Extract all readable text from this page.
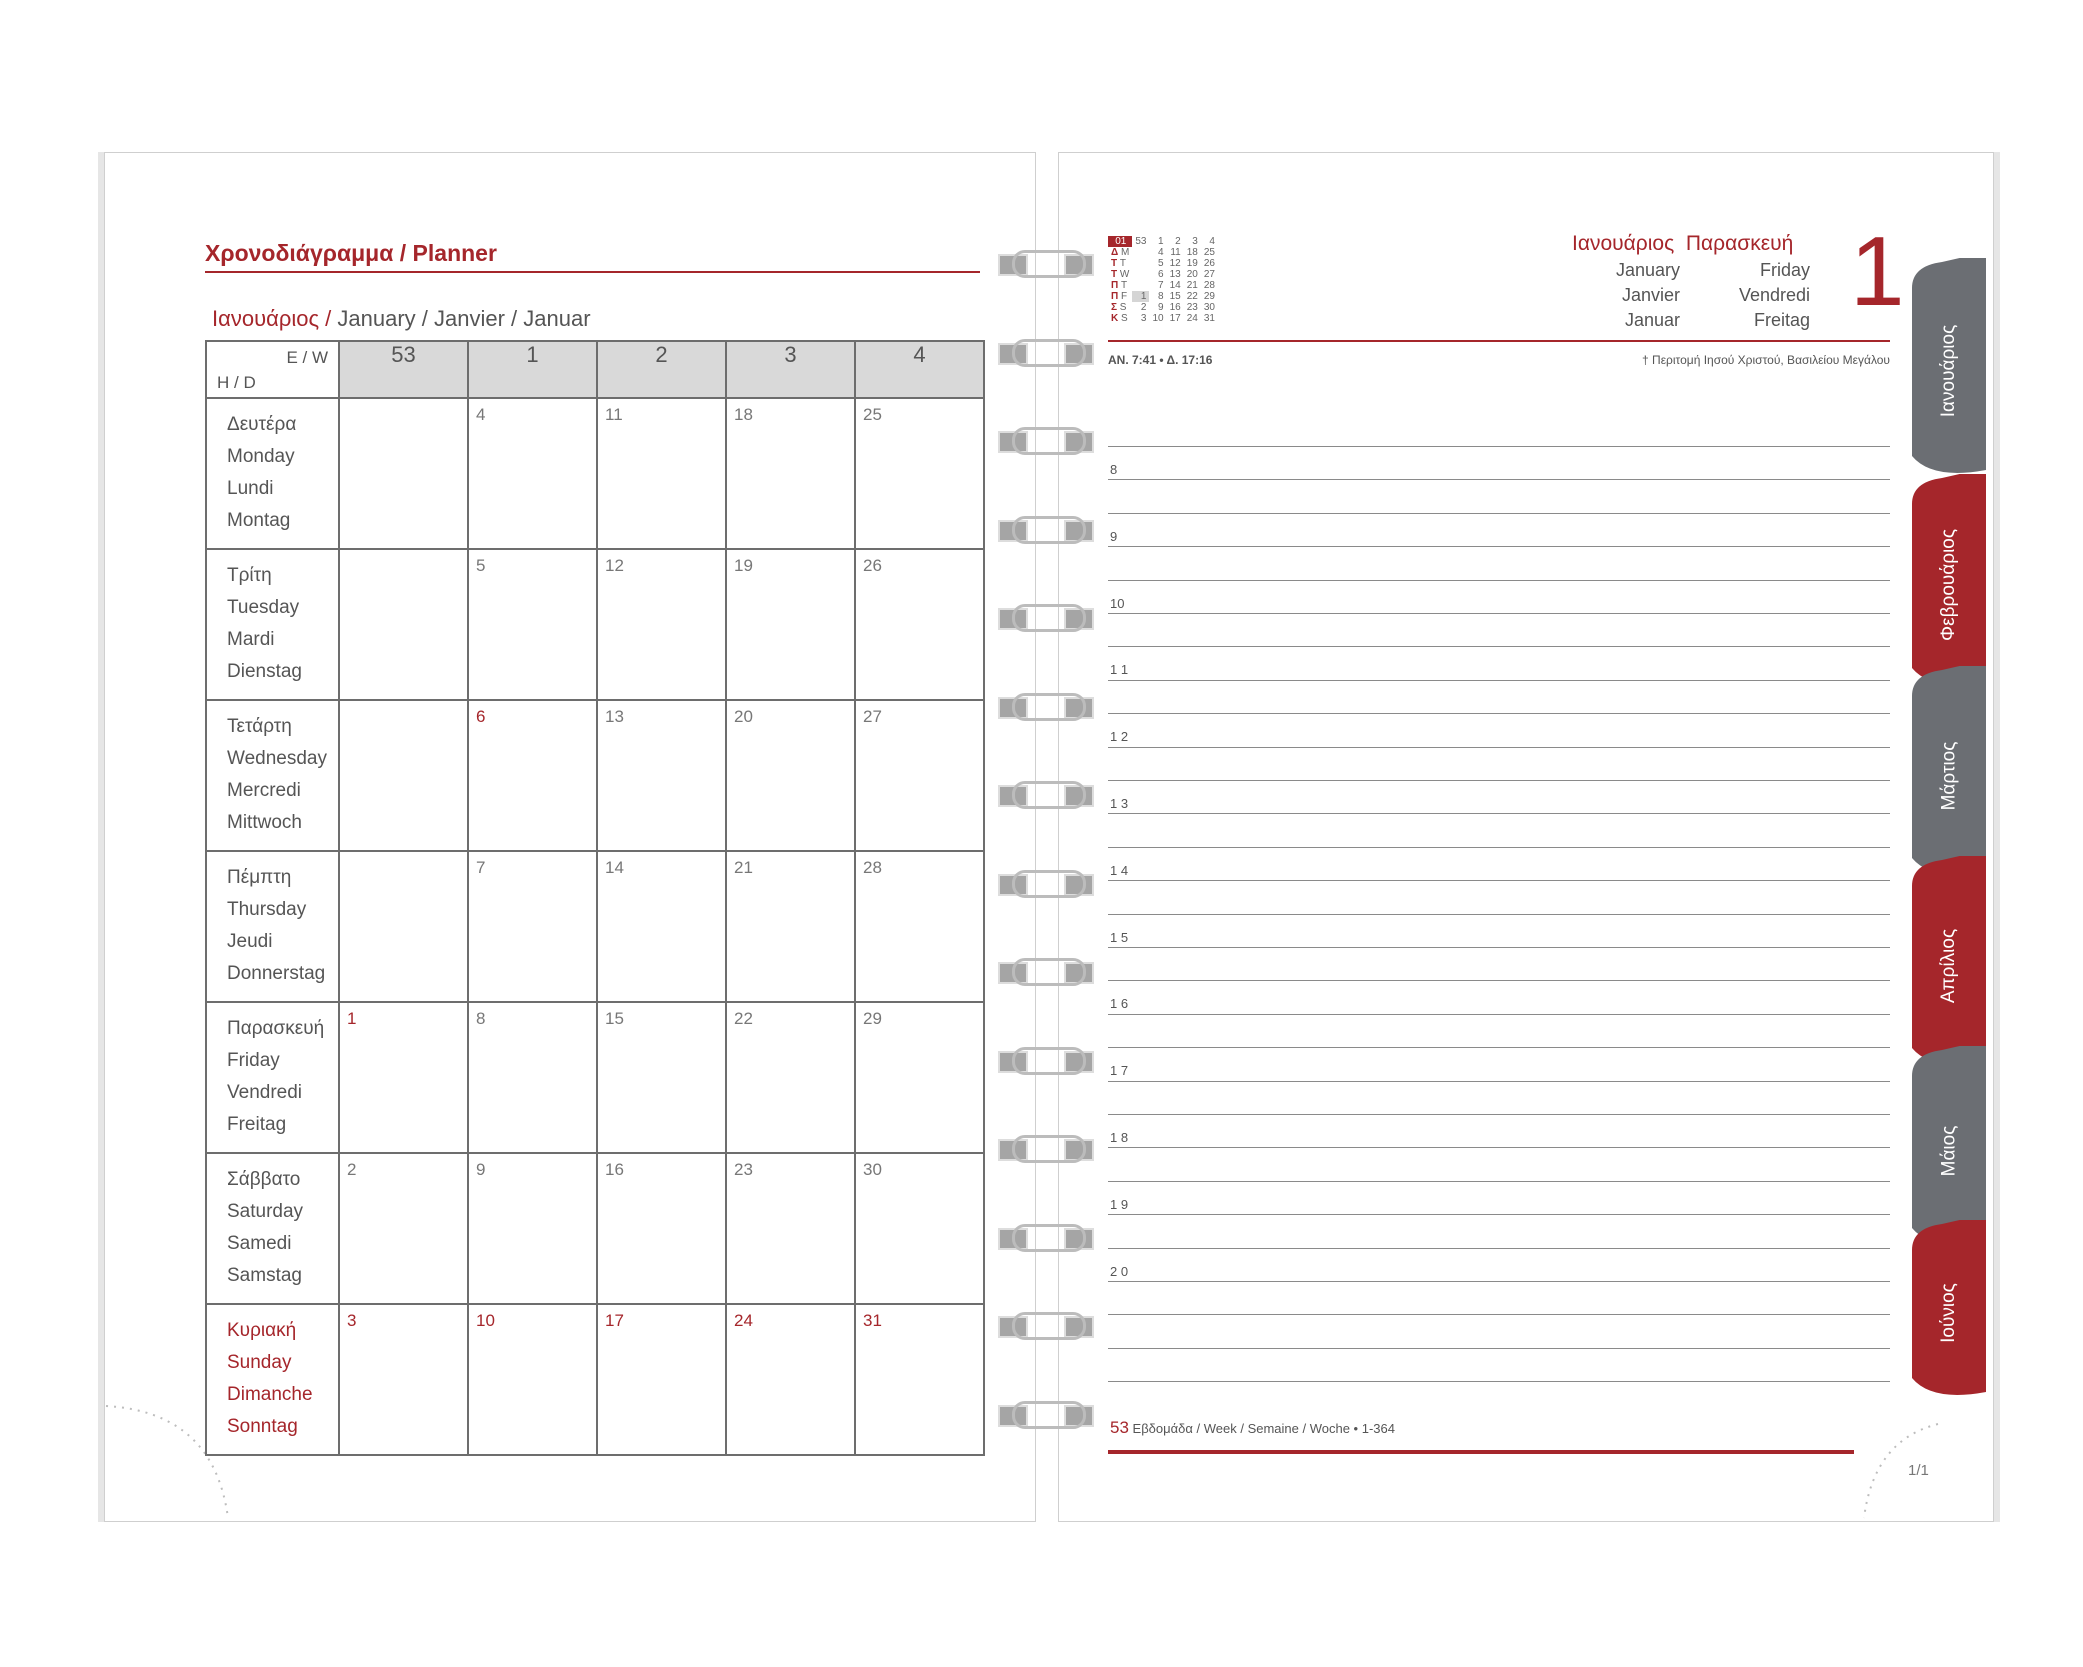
Χρονοδιάγραμμα / Planner
Ιανουάριος / January / Janvier / Januar
E / W
H / D	53	1	2	3	4

Δευτέρα
Monday
Lundi
Montag		4	11	18	25

Τρίτη
Tuesday
Mardi
Dienstag		5	12	19	26

Τετάρτη
Wednesday
Mercredi
Mittwoch		6	13	20	27

Πέμπτη
Thursday
Jeudi
Donnerstag		7	14	21	28

Παρασκευή
Friday
Vendredi
Freitag	1	8	15	22	29

Σάββατο
Saturday
Samedi
Samstag	2	9	16	23	30

Κυριακή
Sunday
Dimanche
Sonntag	3	10	17	24	31
01	53	1	2	3	4
Δ M		4	11	18	25
Τ T		5	12	19	26
Τ W		6	13	20	27
Π T		7	14	21	28
Π F	1	8	15	22	29
Σ S	2	9	16	23	30
Κ S	3	10	17	24	31
Ιανουάριος Παρασκευή
January
Janvier
Januar
Friday
Vendredi
Freitag 1
ΑΝ. 7:41 • Δ. 17:16	† Περιτομή Ιησού Χριστού, Βασιλείου Μεγάλου
8
9
10
1 1
1 2
1 3
1 4
1 5
1 6
1 7
1 8
1 9
2 0
53 Εβδομάδα / Week / Semaine / Woche • 1-364
1/1
Ιανουάριος
Φεβρουάριος
Μάρτιος
Απρίλιος
Μάιος
Ιούνιος
